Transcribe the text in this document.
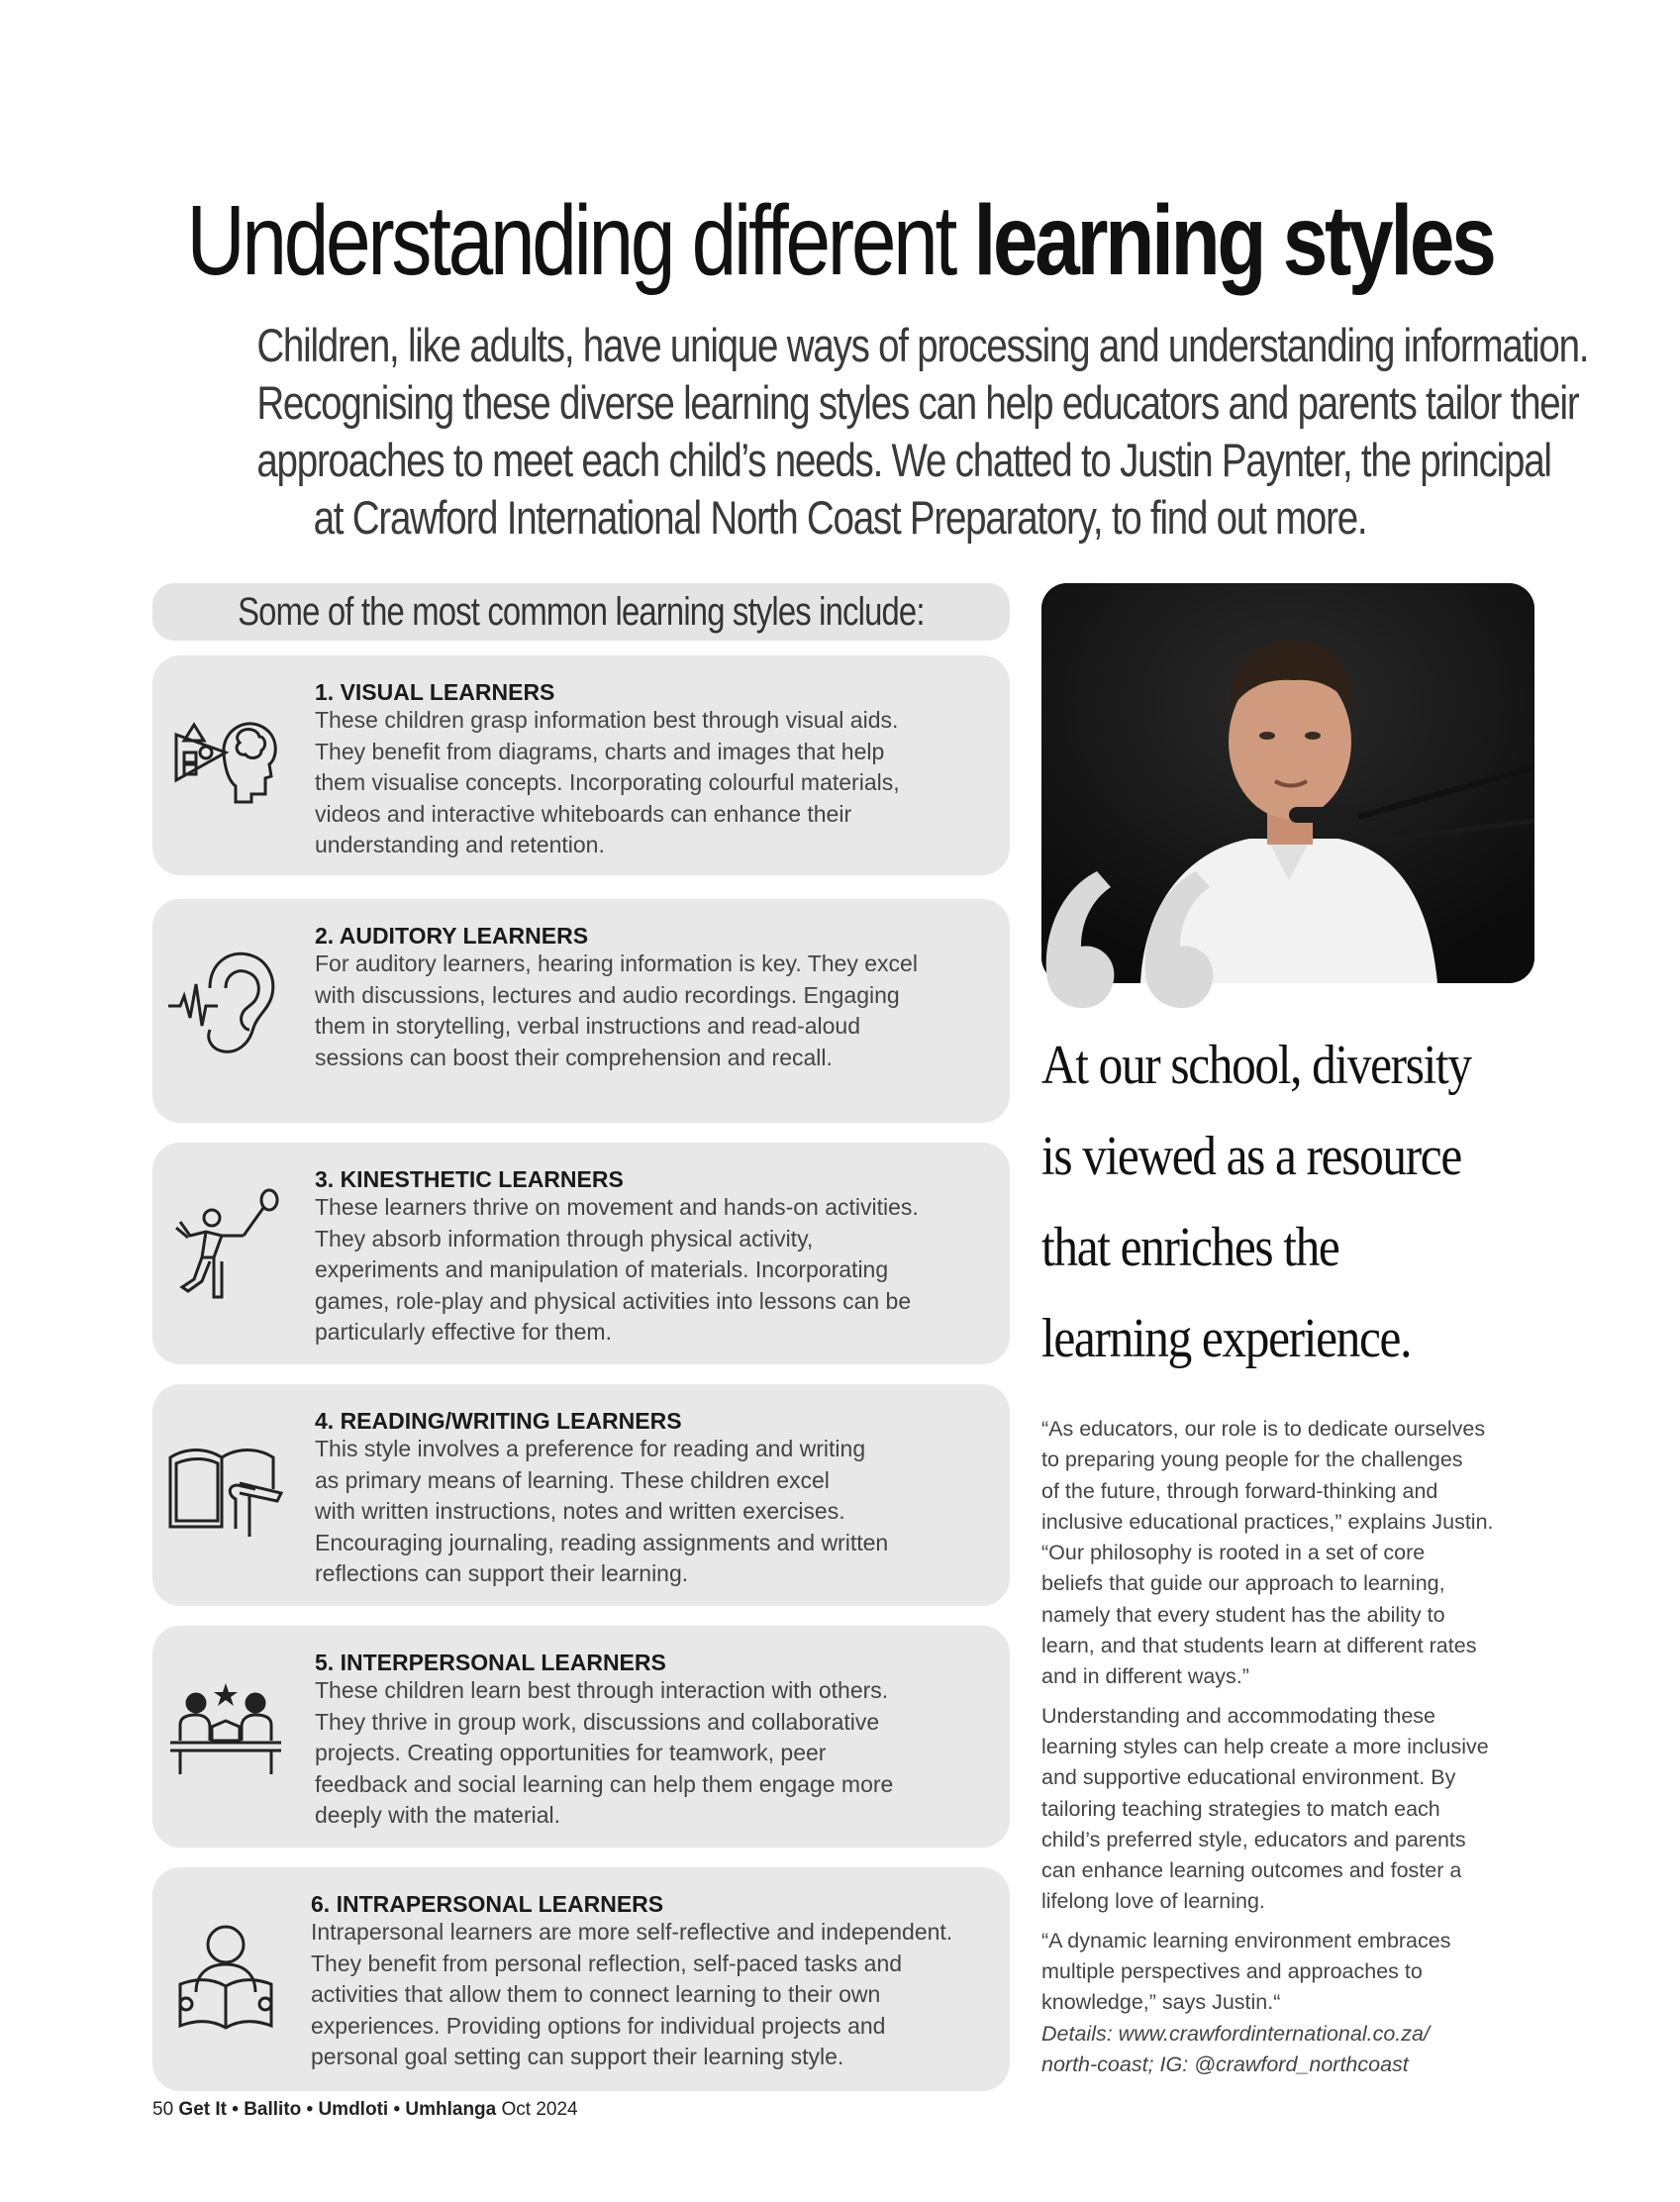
Understanding different learning styles
Children, like adults, have unique ways of processing and understanding information.
Recognising these diverse learning styles can help educators and parents tailor their
approaches to meet each child’s needs. We chatted to Justin Paynter, the principal
at Crawford International North Coast Preparatory, to find out more.
Some of the most common learning styles include:
1. VISUAL LEARNERS
These children grasp information best through visual aids.
They benefit from diagrams, charts and images that help
them visualise concepts. Incorporating colourful materials,
videos and interactive whiteboards can enhance their
understanding and retention.
2. AUDITORY LEARNERS
For auditory learners, hearing information is key. They excel
with discussions, lectures and audio recordings. Engaging
them in storytelling, verbal instructions and read-aloud
sessions can boost their comprehension and recall.
3. KINESTHETIC LEARNERS
These learners thrive on movement and hands-on activities.
They absorb information through physical activity,
experiments and manipulation of materials. Incorporating
games, role-play and physical activities into lessons can be
particularly effective for them.
4. READING/WRITING LEARNERS
This style involves a preference for reading and writing
as primary means of learning. These children excel
with written instructions, notes and written exercises.
Encouraging journaling, reading assignments and written
reflections can support their learning.
5. INTERPERSONAL LEARNERS
These children learn best through interaction with others.
They thrive in group work, discussions and collaborative
projects. Creating opportunities for teamwork, peer
feedback and social learning can help them engage more
deeply with the material.
6. INTRAPERSONAL LEARNERS
Intrapersonal learners are more self-reflective and independent.
They benefit from personal reflection, self-paced tasks and
activities that allow them to connect learning to their own
experiences. Providing options for individual projects and
personal goal setting can support their learning style.
At our school, diversity
is viewed as a resource
that enriches the
learning experience.

“As educators, our role is to dedicate ourselves
to preparing young people for the challenges
of the future, through forward-thinking and
inclusive educational practices,” explains Justin.
“Our philosophy is rooted in a set of core
beliefs that guide our approach to learning,
namely that every student has the ability to
learn, and that students learn at different rates
and in different ways.”

Understanding and accommodating these
learning styles can help create a more inclusive
and supportive educational environment. By
tailoring teaching strategies to match each
child’s preferred style, educators and parents
can enhance learning outcomes and foster a
lifelong love of learning.

“A dynamic learning environment embraces
multiple perspectives and approaches to
knowledge,” says Justin.“
Details: www.crawfordinternational.co.za/
north-coast; IG: @crawford_northcoast

50 Get It • Ballito • Umdloti • Umhlanga Oct 2024
